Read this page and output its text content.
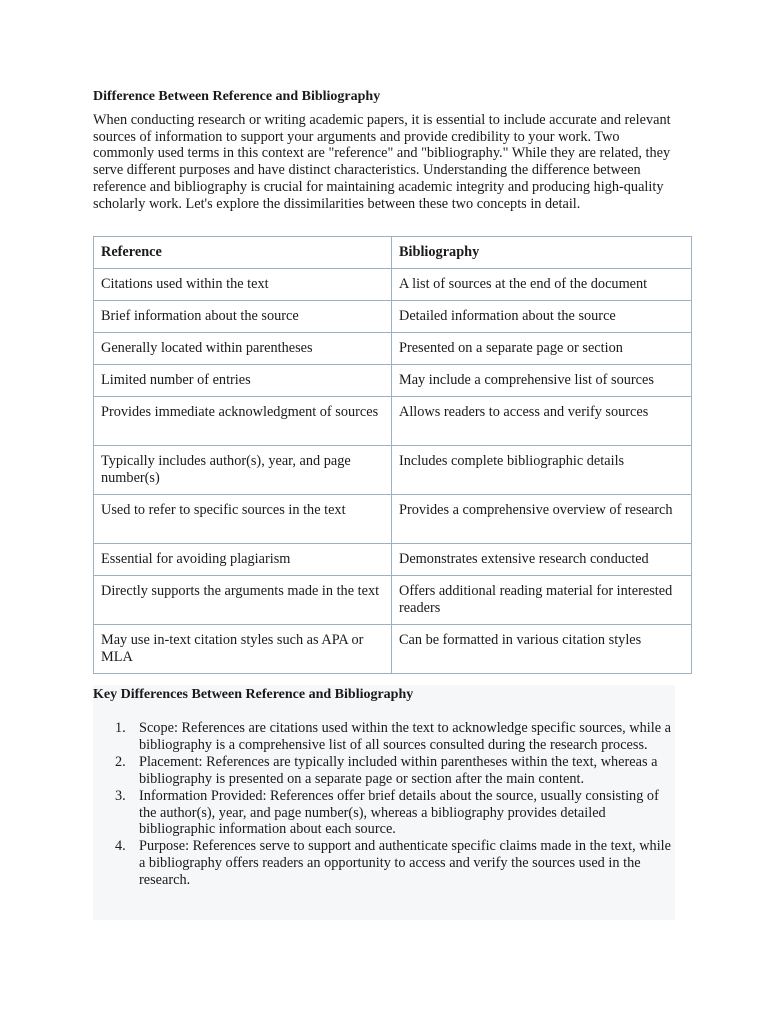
Difference Between Reference and Bibliography

When conducting research or writing academic papers, it is essential to include accurate and relevant sources of information to support your arguments and provide credibility to your work. Two commonly used terms in this context are "reference" and "bibliography." While they are related, they serve different purposes and have distinct characteristics. Understanding the difference between reference and bibliography is crucial for maintaining academic integrity and producing high-quality scholarly work. Let's explore the dissimilarities between these two concepts in detail.

Reference	Bibliography
Citations used within the text	A list of sources at the end of the document
Brief information about the source	Detailed information about the source
Generally located within parentheses	Presented on a separate page or section
Limited number of entries	May include a comprehensive list of sources
Provides immediate acknowledgment of sources	Allows readers to access and verify sources
Typically includes author(s), year, and page number(s)	Includes complete bibliographic details
Used to refer to specific sources in the text	Provides a comprehensive overview of research
Essential for avoiding plagiarism	Demonstrates extensive research conducted
Directly supports the arguments made in the text	Offers additional reading material for interested readers
May use in-text citation styles such as APA or MLA	Can be formatted in various citation styles
Key Differences Between Reference and Bibliography
1. Scope: References are citations used within the text to acknowledge specific sources, while a bibliography is a comprehensive list of all sources consulted during the research process.
2. Placement: References are typically included within parentheses within the text, whereas a bibliography is presented on a separate page or section after the main content.
3. Information Provided: References offer brief details about the source, usually consisting of the author(s), year, and page number(s), whereas a bibliography provides detailed bibliographic information about each source.
4. Purpose: References serve to support and authenticate specific claims made in the text, while a bibliography offers readers an opportunity to access and verify the sources used in the research.
